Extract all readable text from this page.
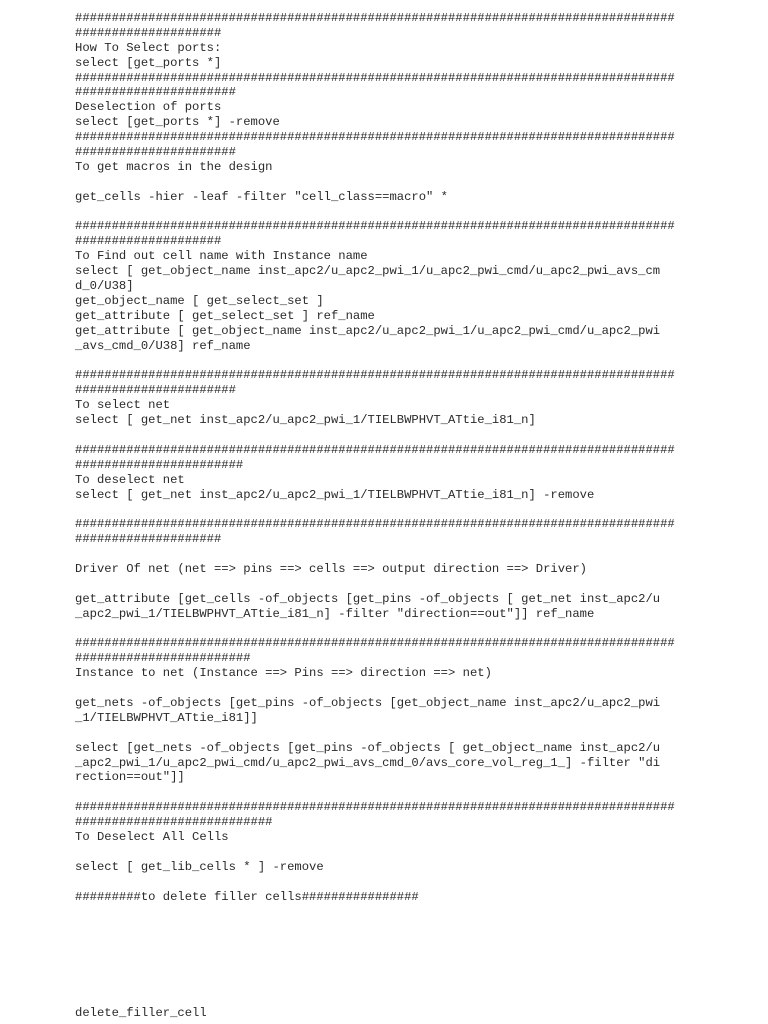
##################################################################################
####################
How To Select ports:
select [get_ports *]
##################################################################################
######################
Deselection of ports
select [get_ports *] -remove
##################################################################################
######################
To get macros in the design
get_cells -hier -leaf -filter "cell_class==macro" *
##################################################################################
####################
To Find out cell name with Instance name
select [ get_object_name inst_apc2/u_apc2_pwi_1/u_apc2_pwi_cmd/u_apc2_pwi_avs_cm
d_0/U38]
get_object_name [ get_select_set ]
get_attribute [ get_select_set ] ref_name
get_attribute [ get_object_name inst_apc2/u_apc2_pwi_1/u_apc2_pwi_cmd/u_apc2_pwi
_avs_cmd_0/U38] ref_name
##################################################################################
######################
To select net
select [ get_net inst_apc2/u_apc2_pwi_1/TIELBWPHVT_ATtie_i81_n]
##################################################################################
#######################
To deselect net
select [ get_net inst_apc2/u_apc2_pwi_1/TIELBWPHVT_ATtie_i81_n] -remove
##################################################################################
####################
Driver Of net (net ==> pins ==> cells ==> output direction ==> Driver)
get_attribute [get_cells -of_objects [get_pins -of_objects [ get_net inst_apc2/u
_apc2_pwi_1/TIELBWPHVT_ATtie_i81_n] -filter "direction==out"]] ref_name
##################################################################################
########################
Instance to net (Instance ==> Pins ==> direction ==> net)
get_nets -of_objects [get_pins -of_objects [get_object_name inst_apc2/u_apc2_pwi
_1/TIELBWPHVT_ATtie_i81]]
select [get_nets -of_objects [get_pins -of_objects [ get_object_name inst_apc2/u
_apc2_pwi_1/u_apc2_pwi_cmd/u_apc2_pwi_avs_cmd_0/avs_core_vol_reg_1_] -filter "di
rection==out"]]
##################################################################################
###########################
To Deselect All Cells
select [ get_lib_cells * ] -remove
#########to delete filler cells################
delete_filler_cell
